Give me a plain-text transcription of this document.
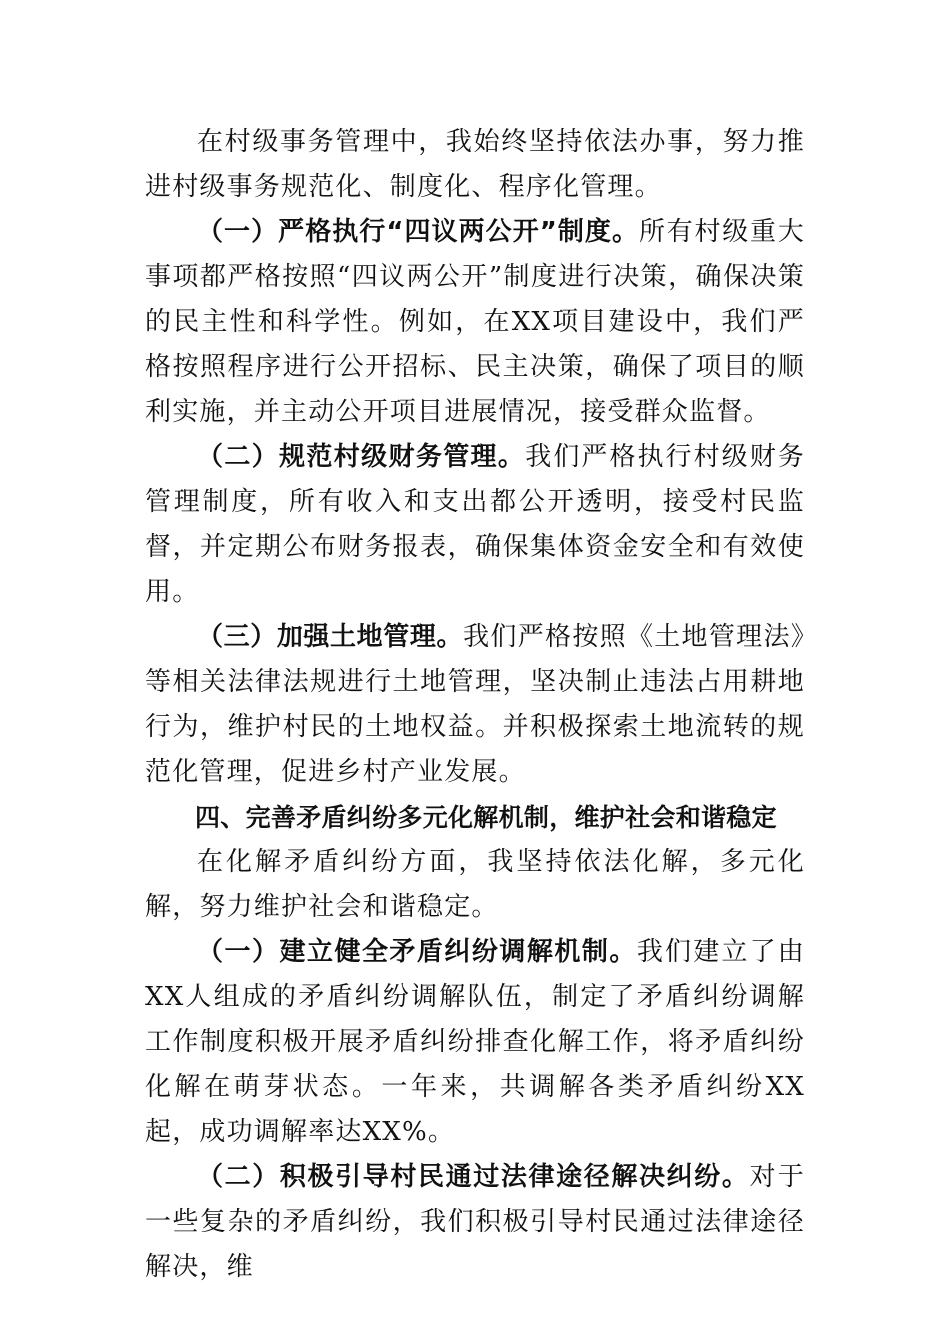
在村级事务管理中，我始终坚持依法办事，努力推进村级事务规范化、制度化、程序化管理。

（一）严格执行“四议两公开”制度。所有村级重大事项都严格按照“四议两公开”制度进行决策，确保决策的民主性和科学性。例如，在XX项目建设中，我们严格按照程序进行公开招标、民主决策，确保了项目的顺利实施，并主动公开项目进展情况，接受群众监督。

（二）规范村级财务管理。我们严格执行村级财务管理制度，所有收入和支出都公开透明，接受村民监督，并定期公布财务报表，确保集体资金安全和有效使用。

（三）加强土地管理。我们严格按照《土地管理法》等相关法律法规进行土地管理，坚决制止违法占用耕地行为，维护村民的土地权益。并积极探索土地流转的规范化管理，促进乡村产业发展。

四、完善矛盾纠纷多元化解机制，维护社会和谐稳定

在化解矛盾纠纷方面，我坚持依法化解，多元化解，努力维护社会和谐稳定。

（一）建立健全矛盾纠纷调解机制。我们建立了由XX人组成的矛盾纠纷调解队伍，制定了矛盾纠纷调解工作制度积极开展矛盾纠纷排查化解工作，将矛盾纠纷化解在萌芽状态。一年来，共调解各类矛盾纠纷XX起，成功调解率达XX%。

（二）积极引导村民通过法律途径解决纠纷。对于一些复杂的矛盾纠纷，我们积极引导村民通过法律途径解决，维
